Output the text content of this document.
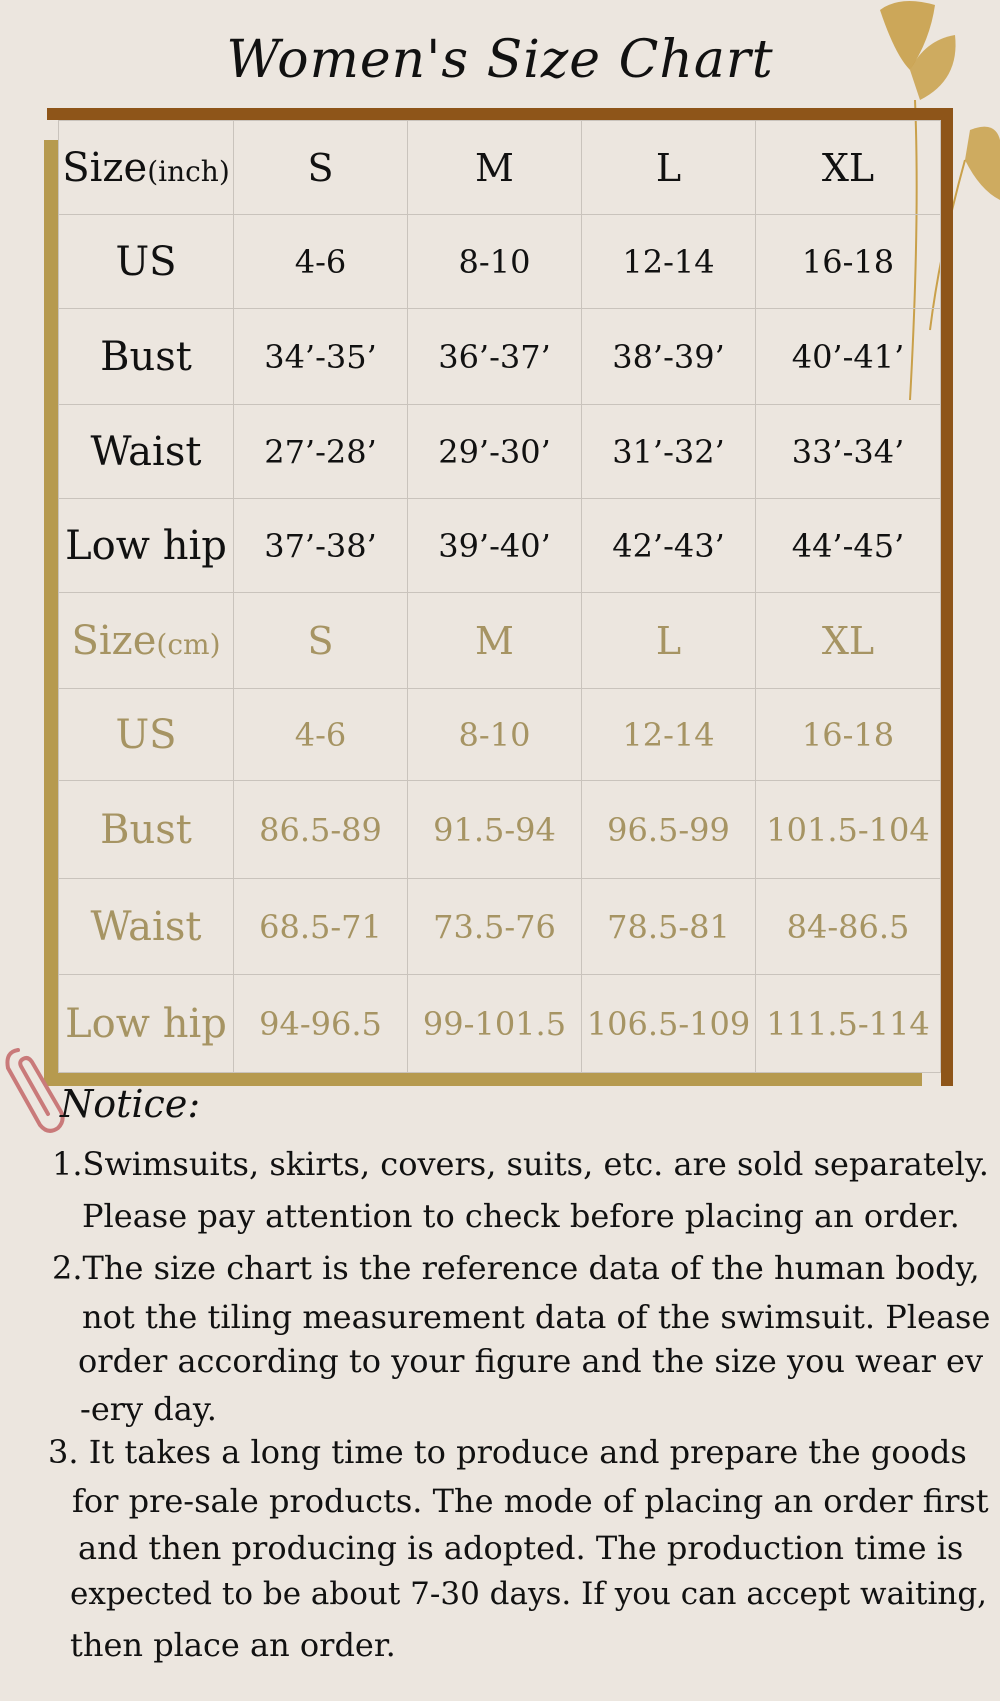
Women's Size Chart
Size(inch)	S	M	L	XL
US	4-6	8-10	12-14	16-18
Bust	34’-35’	36’-37’	38’-39’	40’-41’
Waist	27’-28’	29’-30’	31’-32’	33’-34’
Low hip	37’-38’	39’-40’	42’-43’	44’-45’
Size(cm)	S	M	L	XL
US	4-6	8-10	12-14	16-18
Bust	86.5-89	91.5-94	96.5-99	101.5-104
Waist	68.5-71	73.5-76	78.5-81	84-86.5
Low hip	94-96.5	99-101.5	106.5-109	111.5-114
Notice:
1.Swimsuits, skirts, covers, suits, etc. are sold separately.
Please pay attention to check before placing an order.
2.The size chart is the reference data of the human body,
not the tiling measurement data of the swimsuit. Please
order according to your figure and the size you wear ev
-ery day.
3. It takes a long time to produce and prepare the goods
for pre-sale products. The mode of placing an order first
and then producing is adopted. The production time is
expected to be about 7-30 days. If you can accept waiting,
then place an order.
